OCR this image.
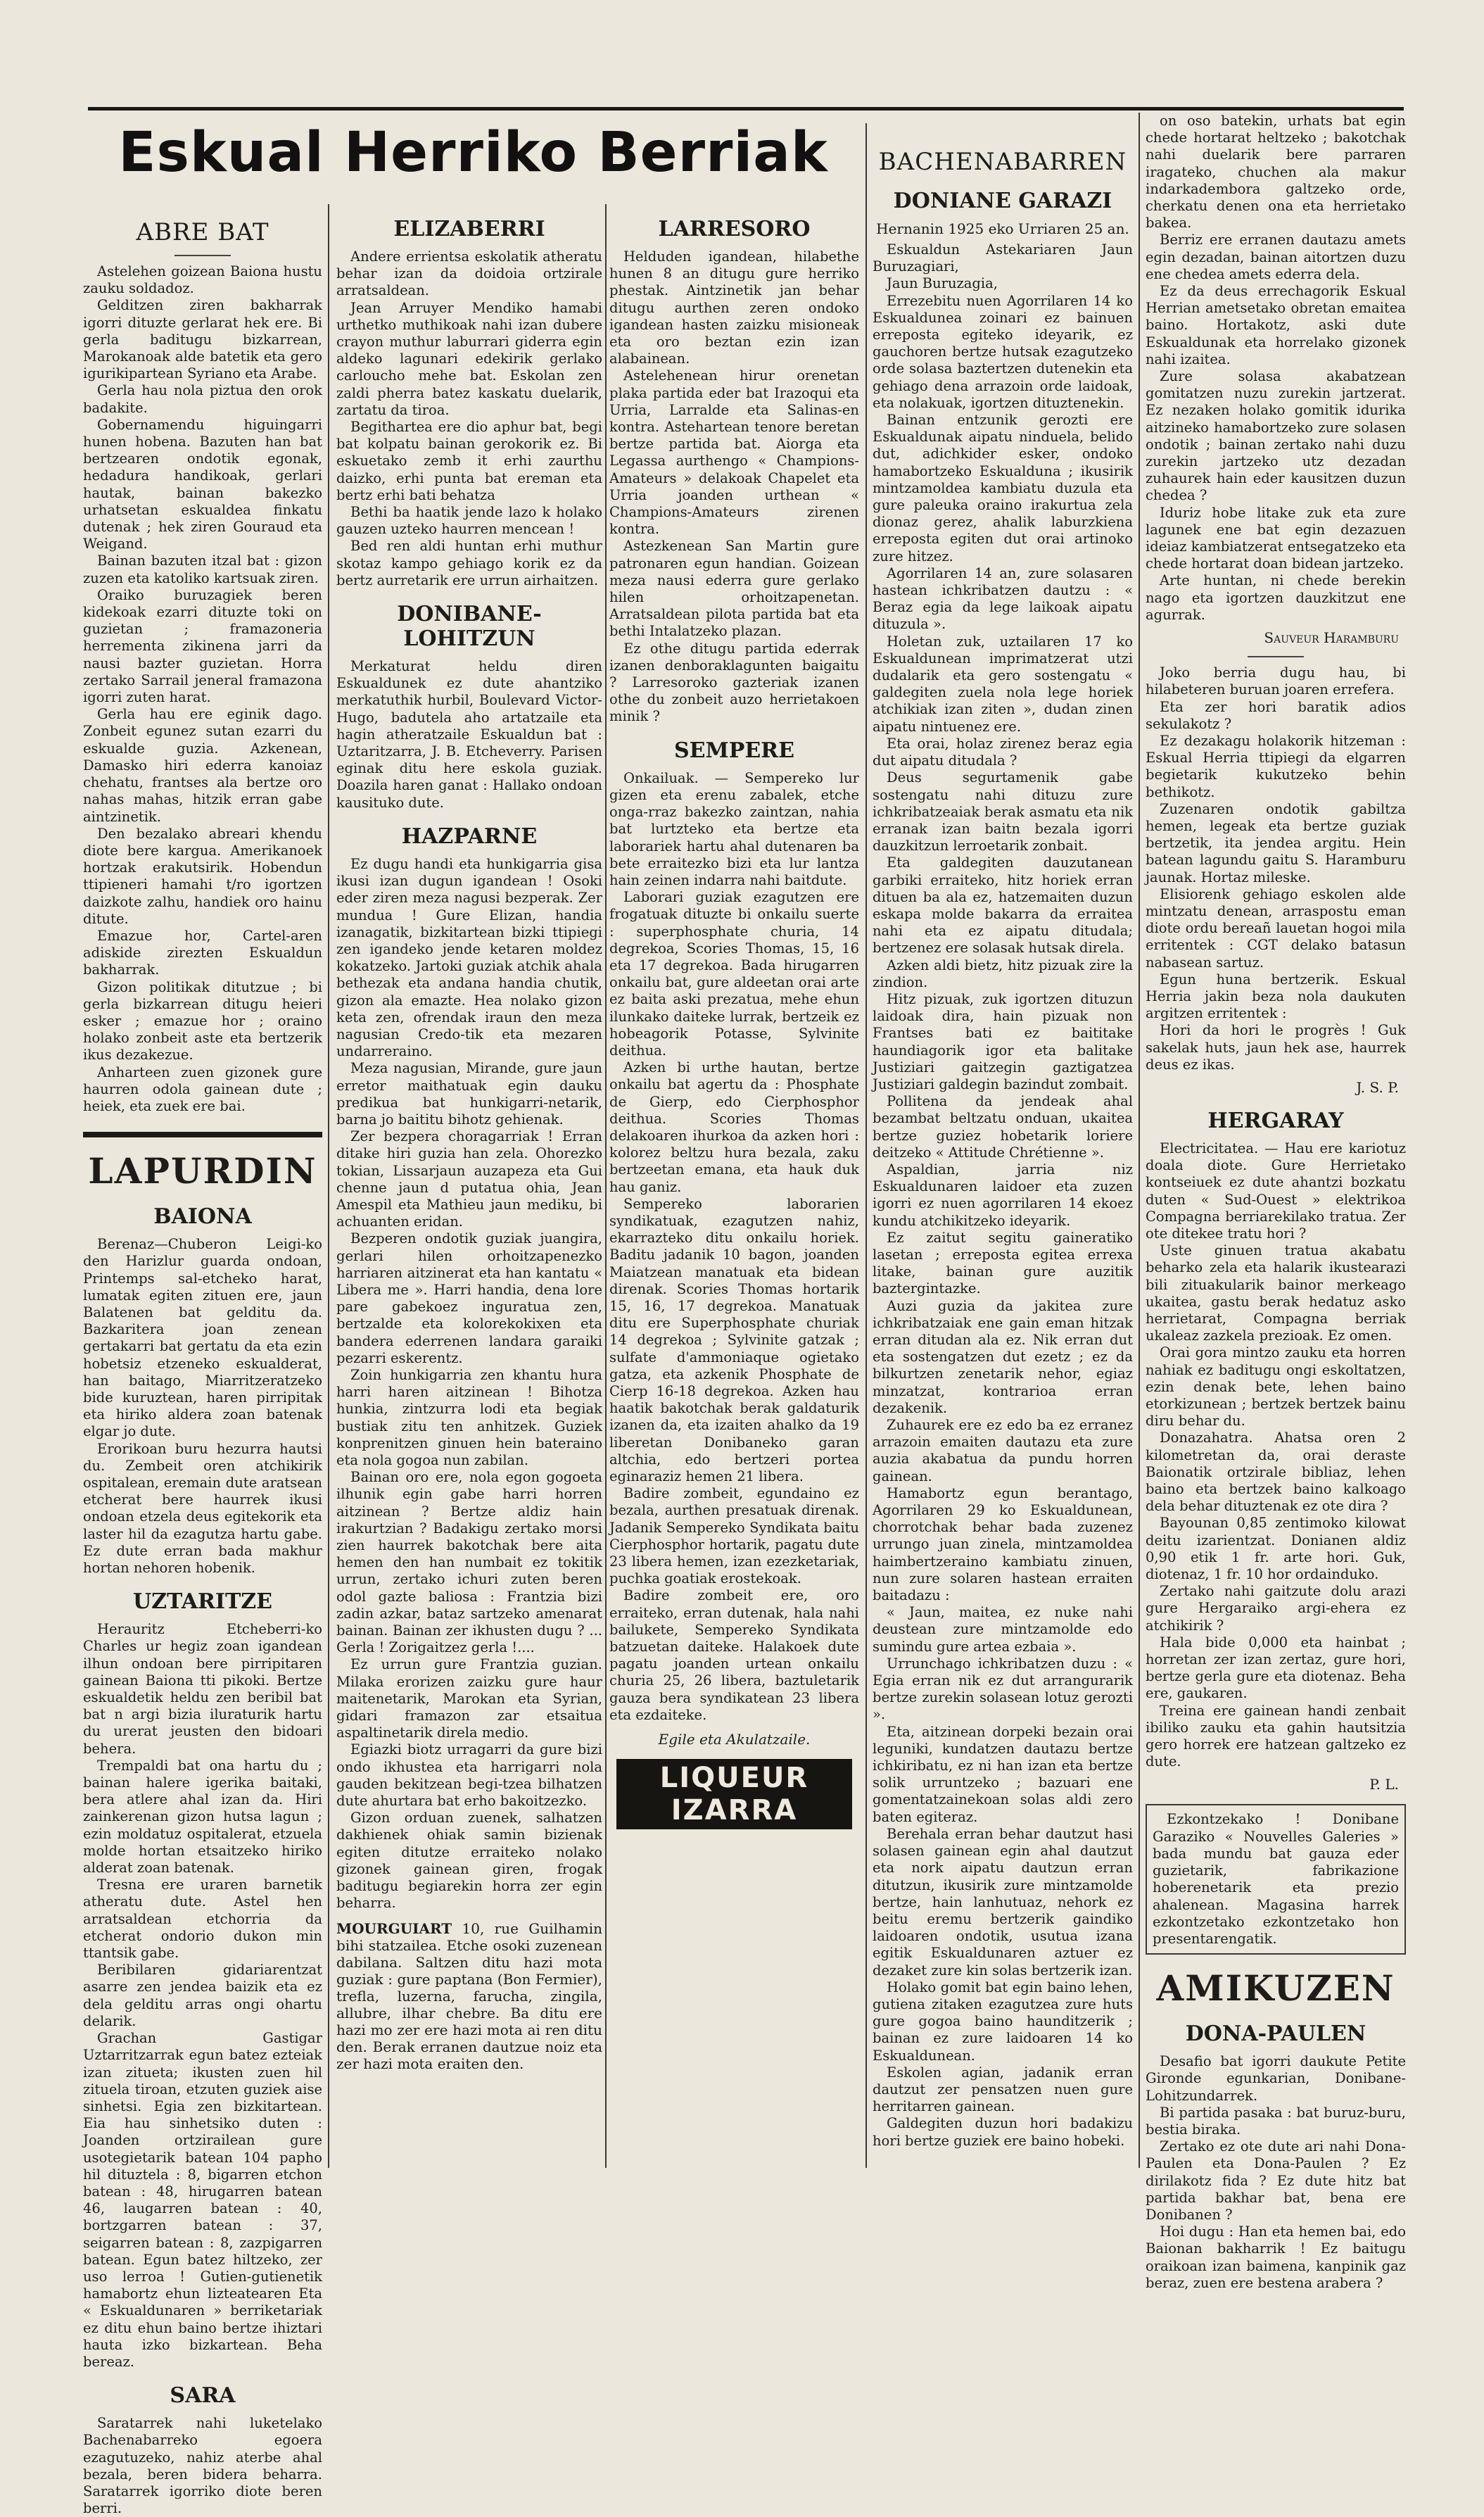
Eskual Herriko Berriak
ABRE BAT

Astelehen goizean Baiona hustu zauku soldadoz.

Gelditzen ziren bakharrak igorri dituzte gerlarat hek ere. Bi gerla baditugu bizkarrean, Marokanoak alde batetik eta gero igurikipartean Syriano eta Arabe.

Gerla hau nola piztua den orok badakite.

Gobernamendu higuingarri hunen hobena. Bazuten han bat bertzearen ondotik egonak, hedadura handikoak, gerlari hautak, bainan bakezko urhatsetan eskualdea finkatu dutenak ; hek ziren Gouraud eta Weigand.

Bainan bazuten itzal bat : gizon zuzen eta katoliko kartsuak ziren.

Oraiko buruzagiek beren kidekoak ezarri dituzte toki on guzietan ; framazoneria herrementa zikinena jarri da nausi bazter guzietan. Horra zertako Sarrail jeneral framazona igorri zuten harat.

Gerla hau ere eginik dago. Zonbeit egunez sutan ezarri du eskualde guzia. Azkenean, Damasko hiri ederra kanoiaz chehatu, frantses ala bertze oro nahas mahas, hitzik erran gabe aintzinetik.

Den bezalako abreari khendu diote bere kargua. Amerikanoek hortzak erakutsirik. Hobendun ttipieneri hamahi t/ro igortzen daizkote zalhu, handiek oro hainu ditute.

Emazue hor, Cartel-aren adiskide zirezten Eskualdun bakharrak.

Gizon politikak ditutzue ; bi gerla bizkarrean ditugu heieri esker ; emazue hor ; oraino holako zonbeit aste eta bertzerik ikus dezakezue.

Anharteen zuen gizonek gure haurren odola gainean dute ; heiek, eta zuek ere bai.

LAPURDIN
BAIONA

Berenaz—Chuberon Leigi-ko den Harizlur guarda ondoan, Printemps sal-etcheko harat, lumatak egiten zituen ere, jaun Balatenen bat gelditu da. Bazkaritera joan zenean gertakarri bat gertatu da eta ezin hobetsiz etzeneko eskualderat, han baitago, Miarritzeratzeko bide kuruztean, haren pirripitak eta hiriko aldera zoan batenak elgar jo dute.

Erorikoan buru hezurra hautsi du. Zembeit oren atchikirik ospitalean, eremain dute aratsean etcherat bere haurrek ikusi ondoan etzela deus egitekorik eta laster hil da ezagutza hartu gabe. Ez dute erran bada makhur hortan nehoren hobenik.

UZTARITZE

Herauritz Etcheberri-ko Charles ur hegiz zoan igandean ilhun ondoan bere pirripitaren gainean Baiona tti pikoki. Bertze eskualdetik heldu zen beribil bat bat n argi bizia iluraturik hartu du urerat jeusten den bidoari behera.

Trempaldi bat ona hartu du ; bainan halere igerika baitaki, bera atlere ahal izan da. Hiri zainkerenan gizon hutsa lagun ; ezin moldatuz ospitalerat, etzuela molde hortan etsaitzeko hiriko alderat zoan batenak.

Tresna ere uraren barnetik atheratu dute. Astel hen arratsaldean etchorria da etcherat ondorio dukon min ttantsik gabe.

Beribilaren gidariarentzat asarre zen jendea baizik eta ez dela gelditu arras ongi ohartu delarik.

Grachan Gastigar Uztarritzarrak egun batez ezteiak izan zitueta; ikusten zuen hil zituela tiroan, etzuten guziek aise sinhetsi. Egia zen bizkitartean. Eia hau sinhetsiko duten : Joanden ortzirailean gure usotegietarik batean 104 papho hil dituztela : 8, bigarren etchon batean : 48, hirugarren batean 46, laugarren batean : 40, bortzgarren batean : 37, seigarren batean : 8, zazpigarren batean. Egun batez hiltzeko, zer uso lerroa ! Gutien-gutienetik hamabortz ehun lizteatearen Eta « Eskualdunaren » berriketariak ez ditu ehun baino bertze ihiztari hauta izko bizkartean. Beha bereaz.

SARA

Saratarrek nahi luketelako Bachenabarreko egoera ezagutuzeko, nahiz aterbe ahal bezala, beren bidera beharra. Saratarrek igorriko diote beren berri.

ELIZABERRI

Andere errientsa eskolatik atheratu behar izan da doidoia ortzirale arratsaldean.

Jean Arruyer Mendiko hamabi urthetko muthikoak nahi izan dubere crayon muthur laburrari giderra egin aldeko lagunari edekirik gerlako carloucho mehe bat. Eskolan zen zaldi pherra batez kaskatu duelarik, zartatu da tiroa.

Begitharteа ere dio aphur bat, begi bat kolpatu bainan gerokorik ez. Bi eskuetako zemb it erhi zaurthu daizko, erhi punta bat ereman eta bertz erhi bati behatza

Bethi ba haatik jende lazo k holako gauzen uzteko haurren mencean !

Bed ren aldi huntan erhi muthur skotaz kampo gehiago korik ez da bertz aurretarik ere urrun airhaitzen.

DONIBANE-LOHITZUN

Merkaturat heldu diren Eskualdunek ez dute ahantziko merkatuthik hurbil, Boulevard Victor-Hugo, badutela aho artatzaile eta hagin atheratzaile Eskualdun bat : Uztaritzarra, J. B. Etcheverry. Parisen eginak ditu here eskola guziak. Doazila haren ganat : Hallako ondoan kausituko dute.

HAZPARNE

Ez dugu handi eta hunkigarria gisa ikusi izan dugun igandean ! Osoki eder ziren meza nagusi bezperak. Zer mundua ! Gure Elizan, handia izanagatik, bizkitartean bizki ttipiegi zen igandeko jende ketaren moldez kokatzeko. Jartoki guziak atchik ahala bethezak eta andana handia chutik, gizon ala emazte. Hea nolako gizon keta zen, ofrendak iraun den meza nagusian Credo-tik eta mezaren undarreraino.

Meza nagusian, Mirande, gure jaun erretor maithatuak egin dauku predikua bat hunkigarri-netarik, barna jo baititu bihotz gehienak.

Zer bezpera choragarriak ! Erran ditake hiri guzia han zela. Ohorezko tokian, Lissarjaun auzapeza eta Gui chenne jaun d putatua ohia, Jean Amespil eta Mathieu jaun mediku, bi achuanten eridan.

Bezperen ondotik guziak juangira, gerlari hilen orhoitzapenezko harriaren aitzinerat eta han kantatu « Libera me ». Harri handia, dena lore pare gabekoez inguratua zen, bertzalde eta kolorekokixen eta bandera ederrenen landara garaiki pezarri eskerentz.

Zoin hunkigarria zen khantu hura harri haren aitzinean ! Bihotza hunkia, zintzurra lodi eta begiak bustiak zitu ten anhitzek. Guziek konprenitzen ginuen hein bateraino eta nola gogoa nun zabilan.

Bainan oro ere, nola egon gogoeta ilhunik egin gabe harri horren aitzinean ? Bertze aldiz hain irakurtzian ? Badakigu zertako morsi zien haurrek bakotchak bere aita hemen den han numbait ez tokitik urrun, zertako ichuri zuten beren odol gazte baliosa : Frantzia bizi zadin azkar, bataz sartzeko amenarat bainan. Bainan zer ikhusten dugu ? ... Gerla ! Zorigaitzez gerla !....

Ez urrun gure Frantzia guzian. Milaka erorizen zaizku gure haur maitenetarik, Marokan eta Syrian, gidari framazon zar etsaitua aspaltinetarik direla medio.

Egiazki biotz urragarri da gure bizi ondo ikhustea eta harrigarri nola gauden bekitzean begi-tzea bilhatzen dute ahurtara bat erho bakoitzezko.

Gizon orduan zuenek, salhatzen dakhienek ohiak samin bizienak egiten ditutze erraiteko nolako gizonek gainean giren, frogak baditugu begiarekin horra zer egin beharra.

MOURGUIART 10, rue Guilhamin bihi statzailea. Etche osoki zuzenean dabilana. Saltzen ditu hazi mota guziak : gure paptana (Bon Fermier), trefla, luzerna, farucha, zingila, allubre, ilhar chebre. Ba ditu ere hazi mo zer ere hazi mota ai ren ditu den. Berak erranen dautzue noiz eta zer hazi mota eraiten den.
LARRESORO

Helduden igandean, hilabethe hunen 8 an ditugu gure herriko phestak. Aintzinetik jan behar ditugu aurthen zeren ondoko igandean hasten zaizku misioneak eta oro beztan ezin izan alabainean.

Astelehenean hirur orenetan plaka partida eder bat Irazoqui eta Urria, Larralde eta Salinas-en kontra. Astehartean tenore beretan bertze partida bat. Aiorga eta Legassa aurthengo « Champions-Amateurs » delakoak Chapelet eta Urria joanden urthean « Champions-Amateurs zirenen kontra.

Astezkenean San Martin gure patronaren egun handian. Goizean meza nausi ederra gure gerlako hilen orhoitzapenetan. Arratsaldean pilota partida bat eta bethi Intalatzeko plazan.

Ez othe ditugu partida ederrak izanen denboraklagunten baigaitu ? Larresoroko gazteriak izanen othe du zonbeit auzo herrietakoen minik ?

SEMPERE

Onkailuak. — Sempereko lur gizen eta erenu zabalek, etche onga-rraz bakezko zaintzan, nahia bat lurtzteko eta bertze eta laborariek hartu ahal dutenaren ba bete erraitezko bizi eta lur lantza hain zeinen indarra nahi baitdute.

Laborari guziak ezagutzen ere frogatuak dituzte bi onkailu suerte : superphosphate churia, 14 degrekoa, Scories Thomas, 15, 16 eta 17 degrekoa. Bada hirugarren onkailu bat, gure aldeetan orai arte ez baita aski prezatua, mehe ehun ilunkako daiteke lurrak, bertzeik ez hobeagorik Potasse, Sylvinite deithua.

Azken bi urthe hautan, bertze onkailu bat agertu da : Phosphate de Gierp, edo Cierphosphor deithua. Scories Thomas delakoaren ihurkoa da azken hori : kolorez beltzu hura bezala, zaku bertzeetan emana, eta hauk duk hau ganiz.

Sempereko laborarien syndikatuak, ezagutzen nahiz, ekarrazteko ditu onkailu horiek. Baditu jadanik 10 bagon, joanden Maiatzean manatuak eta bidean direnak. Scories Thomas hortarik 15, 16, 17 degrekoa. Manatuak ditu ere Superphosphate churiak 14 degrekoa ; Sylvinite gatzak ; sulfate d'ammoniaque ogietako gatza, eta azkenik Phosphate de Cierp 16-18 degrekoa. Azken hau haatik bakotchak berak galdaturik izanen da, eta izaiten ahalko da 19 liberetan Donibaneko garan altchia, edo bertzeri portea eginaraziz hemen 21 libera.

Badire zombeit, egundaino ez bezala, aurthen presatuak direnak. Jadanik Sempereko Syndikata baitu Cierphosphor hortarik, pagatu dute 23 libera hemen, izan ezezketariak, puchka goatiak erostekoak.

Badire zombeit ere, oro erraiteko, erran dutenak, hala nahi bailukete, Sempereko Syndikata batzuetan daiteke. Halakoek dute pagatu joanden urtean onkailu churia 25, 26 libera, baztuletarik gauza bera syndikatean 23 libera eta ezdaiteke.

Egile eta Akulatzaile.
LIQUEUR IZARRA
BACHENABARREN
DONIANE GARAZI
Hernanin 1925 eko Urriaren 25 an.

Eskualdun Astekariaren Jaun Buruzagiari,

Jaun Buruzagia,

Errezebitu nuen Agorrilaren 14 ko Eskualdunea zoinari ez bainuen erreposta egiteko ideyarik, ez gauchoren bertze hutsak ezagutzeko orde solasa baztertzen dutenekin eta gehiago dena arrazoin orde laidoak, eta nolakuak, igortzen dituztenekin.

Bainan entzunik gerozti ere Eskualdunak aipatu ninduela, belido dut, adichkider esker, ondoko hamabortzeko Eskualduna ; ikusirik mintzamoldea kambiatu duzula eta gure paleuka oraino irakurtua zela dionaz gerez, ahalik laburzkiena erreposta egiten dut orai artinoko zure hitzez.

Agorrilaren 14 an, zure solasaren hastean ichkribatzen dautzu : « Beraz egia da lege laikoak aipatu dituzula ».

Holetan zuk, uztailaren 17 ko Eskualdunean imprimatzerat utzi dudalarik eta gero sostengatu « galdegiten zuela nola lege horiek atchikiak izan ziten », dudan zinen aipatu nintuenez ere.

Eta orai, holaz zirenez beraz egia dut aipatu ditudala ?

Deus segurtamenik gabe sostengatu nahi dituzu zure ichkribatzeaiak berak asmatu eta nik erranak izan baitn bezala igorri dauzkitzun lerroetarik zonbait.

Eta galdegiten dauzutanean garbiki erraiteko, hitz horiek erran dituen ba ala ez, hatzemaiten duzun eskapa molde bakarra da erraitea nahi eta ez aipatu ditudala; bertzenez ere solasak hutsak direla.

Azken aldi bietz, hitz pizuak zire la zindion.

Hitz pizuak, zuk igortzen dituzun laidoak dira, hain pizuak non Frantses bati ez baititake haundiagorik igor eta balitake Justiziari gaitzegin gaztigatzea Justiziari galdegin bazindut zombait.

Pollitena da jendeak ahal bezambat beltzatu onduan, ukaitea bertze guziez hobetarik loriere deitzeko « Attitude Chrétienne ».

Aspaldian, jarria niz Eskualdunaren laidoer eta zuzen igorri ez nuen agorrilaren 14 ekoez kundu atchikitzeko ideyarik.

Ez zaitut segitu gaineratiko lasetan ; erreposta egitea errexa litake, bainan gure auzitik baztergintazke.

Auzi guzia da jakitea zure ichkribatzaiak ene gain eman hitzak erran ditudan ala ez. Nik erran dut eta sostengatzen dut ezetz ; ez da bilkurtzen zenetarik nehor, egiaz minzatzat, kontrarioa erran dezakenik.

Zuhaurek ere ez edo ba ez erranez arrazoin emaiten dautazu eta zure auzia akabatua da pundu horren gainean.

Hamabortz egun berantago, Agorrilaren 29 ko Eskualdunean, chorrotchak behar bada zuzenez urrungo juan zinela, mintzamoldea haimbertzeraino kambiatu zinuen, nun zure solaren hastean erraiten baitadazu :

« Jaun, maitea, ez nuke nahi deustean zure mintzamolde edo sumindu gure artea ezbaia ».

Urrunchago ichkribatzen duzu : « Egia erran nik ez dut arrangurarik bertze zurekin solasean lotuz gerozti ».

Eta, aitzinean dorpeki bezain orai leguniki, kundatzen dautazu bertze ichkiribatu, ez ni han izan eta bertze solik urruntzeko ; bazuari ene gomentatzainekoan solas aldi zero baten egiteraz.

Berehala erran behar dautzut hasi solasen gainean egin ahal dautzut eta nork aipatu dautzun erran ditutzun, ikusirik zure mintzamolde bertze, hain lanhutuaz, nehork ez beitu eremu bertzerik gaindiko laidoaren ondotik, usutua izana egitik Eskualdunaren aztuer ez dezaket zure kin solas bertzerik izan.

Holako gomit bat egin baino lehen, gutiena zitaken ezagutzea zure huts gure gogoa baino haunditzerik ; bainan ez zure laidoaren 14 ko Eskualdunean.

Eskolen agian, jadanik erran dautzut zer pensatzen nuen gure herritarren gainean.

Galdegiten duzun hori badakizu hori bertze guziek ere baino hobeki.

on oso batekin, urhats bat egin chede hortarat heltzeko ; bakotchak nahi duelarik bere parraren iragateko, chuchen ala makur indarkadembora galtzeko orde, cherkatu denen ona eta herrietako bakea.

Berriz ere erranen dautazu amets egin dezadan, bainan aitortzen duzu ene chedea amets ederra dela.

Ez da deus errechagorik Eskual Herrian ametsetako obretan emaitea baino. Hortakotz, aski dute Eskualdunak eta horrelako gizonek nahi izaitea.

Zure solasa akabatzean gomitatzen nuzu zurekin jartzerat. Ez nezaken holako gomitik idurika aitzineko hamabortzeko zure solasen ondotik ; bainan zertako nahi duzu zurekin jartzeko utz dezadan zuhaurek hain eder kausitzen duzun chedea ?

Iduriz hobe litake zuk eta zure lagunek ene bat egin dezazuen ideiaz kambiatzerat entsegatzeko eta chede hortarat doan bidean jartzeko.

Arte huntan, ni chede berekin nago eta igortzen dauzkitzut ene agurrak.

Sauveur Haramburu

Joko berria dugu hau, bi hilabeteren buruan joaren errefera.

Eta zer hori baratik adios sekulakotz ?

Ez dezakagu holakorik hitzeman : Eskual Herria ttipiegi da elgarren begietarik kukutzeko behin bethikotz.

Zuzenaren ondotik gabiltza hemen, legeak eta bertze guziak bertzetik, ita jendea argitu. Hein batean lagundu gaitu S. Haramburu jaunak. Hortaz mileske.

Elisiorenk gehiago eskolen alde mintzatu denean, arraspostu eman diote ordu bereañ lauetan hogoi mila erritentek : CGT delako batasun nabasean sartuz.

Egun huna bertzerik. Eskual Herria jakin beza nola daukuten argitzen erritentek :

Hori da hori le progrès ! Guk sakelak huts, jaun hek ase, haurrek deus ez ikas.

J. S. P.
HERGARAY

Electricitatea. — Hau ere kariotuz doala diote. Gure Herrietako kontseiuek ez dute ahantzi bozkatu duten « Sud-Ouest » elektrikoa Compagna berriarekilako tratua. Zer ote ditekee tratu hori ?

Uste ginuen tratua akabatu beharko zela eta halarik ikustearazi bili zituakularik bainor merkeago ukaitea, gastu berak hedatuz asko herrietarat, Compagna berriak ukaleaz zazkela prezioak. Ez omen.

Orai gora mintzo zauku eta horren nahiak ez baditugu ongi eskoltatzen, ezin denak bete, lehen baino etorkizunean ; bertzek bertzek bainu diru behar du.

Donazahatra. Ahatsa oren 2 kilometretan da, orai deraste Baionatik ortzirale bibliaz, lehen baino eta bertzek baino kalkoago dela behar dituztenak ez ote dira ?

Bayounan 0,85 zentimoko kilowat deitu izarientzat. Donianen aldiz 0,90 etik 1 fr. arte hori. Guk, diotenaz, 1 fr. 10 hor ordainduko.

Zertako nahi gaitzute dolu arazi gure Hergaraiko argi-ehera ez atchikirik ?

Hala bide 0,000 eta hainbat ; horretan zer izan zertaz, gure hori, bertze gerla gure eta diotenaz. Beha ere, gaukaren.

Treina ere gainean handi zenbait ibiliko zauku eta gahin hautsitzia gero horrek ere hatzean galtzeko ez dute.

P. L.

Ezkontzekako ! Donibane Garaziko « Nouvelles Galeries » bada mundu bat gauza eder guzietarik, fabrikazione hoberenetarik eta prezio ahalenean. Magasina harrek ezkontzetako ezkontzetako hon presentarengatik.

AMIKUZEN
DONA-PAULEN

Desafio bat igorri daukute Petite Gironde egunkarian, Donibane-Lohitzundarrek.

Bi partida pasaka : bat buruz-buru, bestia biraka.

Zertako ez ote dute ari nahi Dona-Paulen eta Dona-Paulen ? Ez dirilakotz fida ? Ez dute hitz bat partida bakhar bat, bena ere Donibanen ?

Hoi dugu : Han eta hemen bai, edo Baionan bakharrik ! Ez baitugu oraikoan izan baimena, kanpinik gaz beraz, zuen ere bestena arabera ?
